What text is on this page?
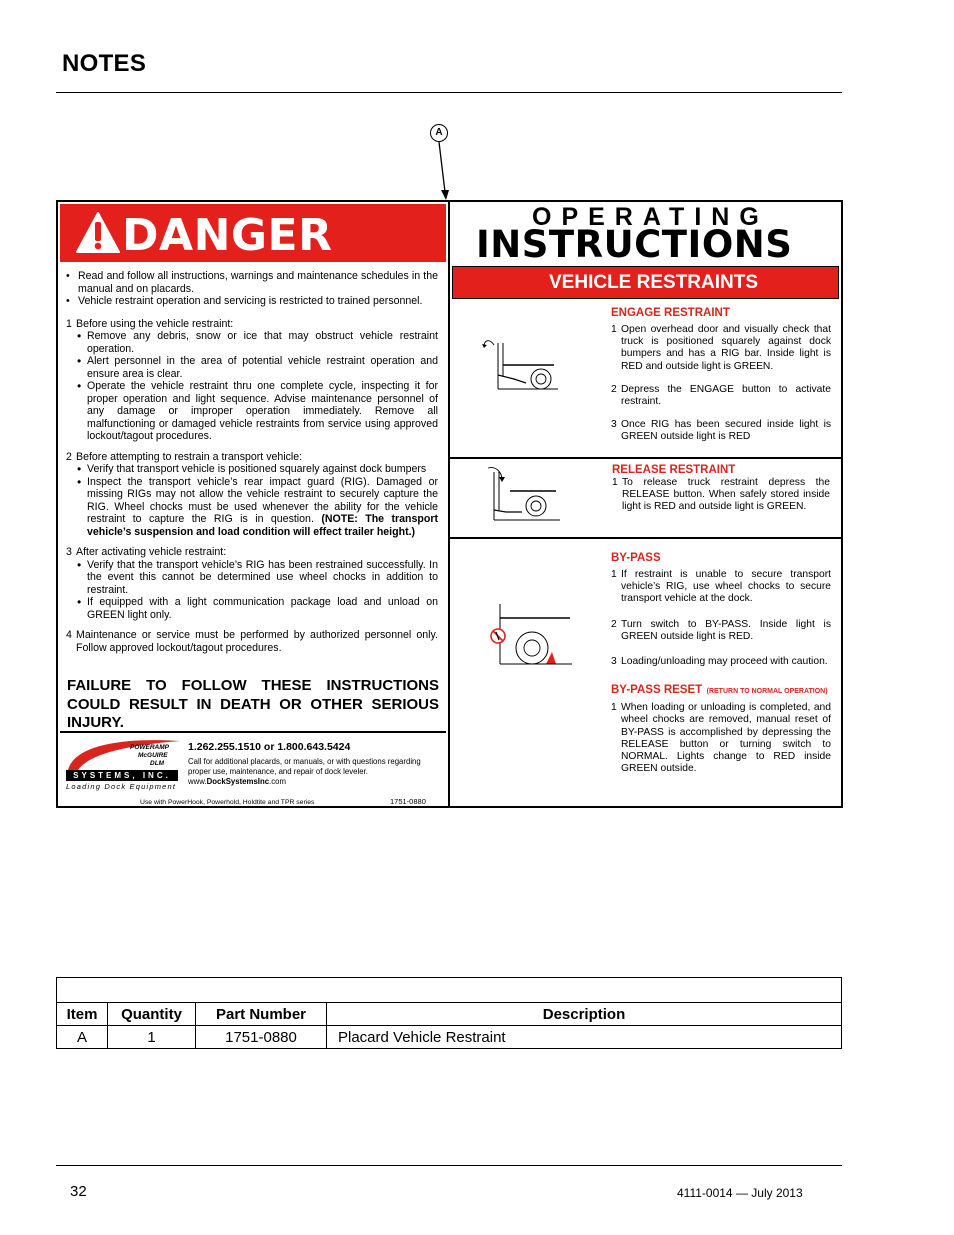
NOTES
A
DANGER

• Read and follow all instructions, warnings and maintenance schedules in the manual and on placards.

• Vehicle restraint operation and servicing is restricted to trained personnel.

1 Before using the vehicle restraint:

• Remove any debris, snow or ice that may obstruct vehicle restraint operation.

• Alert personnel in the area of potential vehicle restraint operation and ensure area is clear.

• Operate the vehicle restraint thru one complete cycle, inspecting it for proper operation and light sequence. Advise maintenance personnel of any damage or improper operation immediately. Remove all malfunctioning or damaged vehicle restraints from service using approved lockout/tagout procedures.

2 Before attempting to restrain a transport vehicle:

• Verify that transport vehicle is positioned squarely against dock bumpers

• Inspect the transport vehicle’s rear impact guard (RIG). Damaged or missing RIGs may not allow the vehicle restraint to securely capture the RIG. Wheel chocks must be used whenever the ability for the vehicle restraint to capture the RIG is in question. (NOTE: The transport vehicle’s suspension and load condition will effect trailer height.)

3 After activating vehicle restraint:

• Verify that the transport vehicle’s RIG has been restrained successfully. In the event this cannot be determined use wheel chocks in addition to restraint.

• If equipped with a light communication package load and unload on GREEN light only.

4 Maintenance or service must be performed by authorized personnel only. Follow approved lockout/tagout procedures.

FAILURE TO FOLLOW THESE INSTRUCTIONS COULD RESULT IN DEATH OR OTHER SERIOUS INJURY.
POWERAMP
McGUIRE
DLM
SYSTEMS, INC.
Loading Dock Equipment
1.262.255.1510 or 1.800.643.5424
Call for additional placards, or manuals, or with questions regarding proper use, maintenance, and repair of dock leveler.
www.DockSystemsInc.com
Use with PowerHook, Powerhold, Holdtite and TPR series	1751-0880
OPERATING
INSTRUCTIONS
VEHICLE RESTRAINTS
ENGAGE RESTRAINT
1 Open overhead door and visually check that truck is positioned squarely against dock bumpers and has a RIG bar. Inside light is RED and outside light is GREEN.
2 Depress the ENGAGE button to activate restraint.
3 Once RIG has been secured inside light is GREEN outside light is RED
RELEASE RESTRAINT
1 To release truck restraint depress the RELEASE button. When safely stored inside light is RED and outside light is GREEN.
BY-PASS
1 If restraint is unable to secure transport vehicle’s RIG, use wheel chocks to secure transport vehicle at the dock.
2 Turn switch to BY-PASS. Inside light is GREEN outside light is RED.
3 Loading/unloading may proceed with caution.
BY-PASS RESET (RETURN TO NORMAL OPERATION)
1 When loading or unloading is completed, and wheel chocks are removed, manual reset of BY-PASS is accomplished by depressing the RELEASE button or turning switch to NORMAL. Lights change to RED inside GREEN outside.

Item	Quantity	Part Number	Description
A	1	1751-0880	Placard Vehicle Restraint
32	4111-0014 — July 2013
